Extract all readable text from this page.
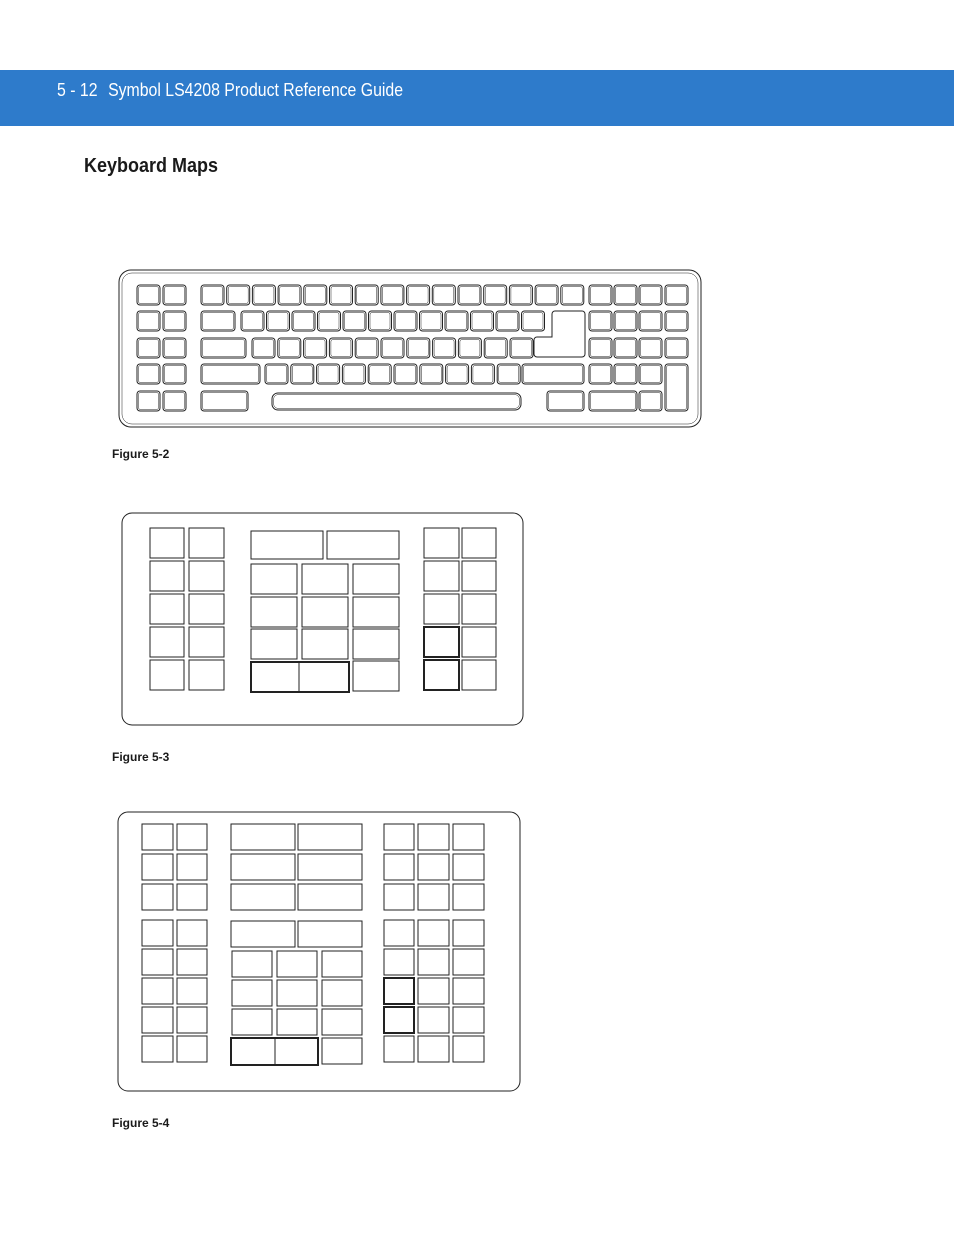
5 - 12 Symbol LS4208 Product Reference Guide
Keyboard Maps
Figure 5-2
Figure 5-3
Figure 5-4
